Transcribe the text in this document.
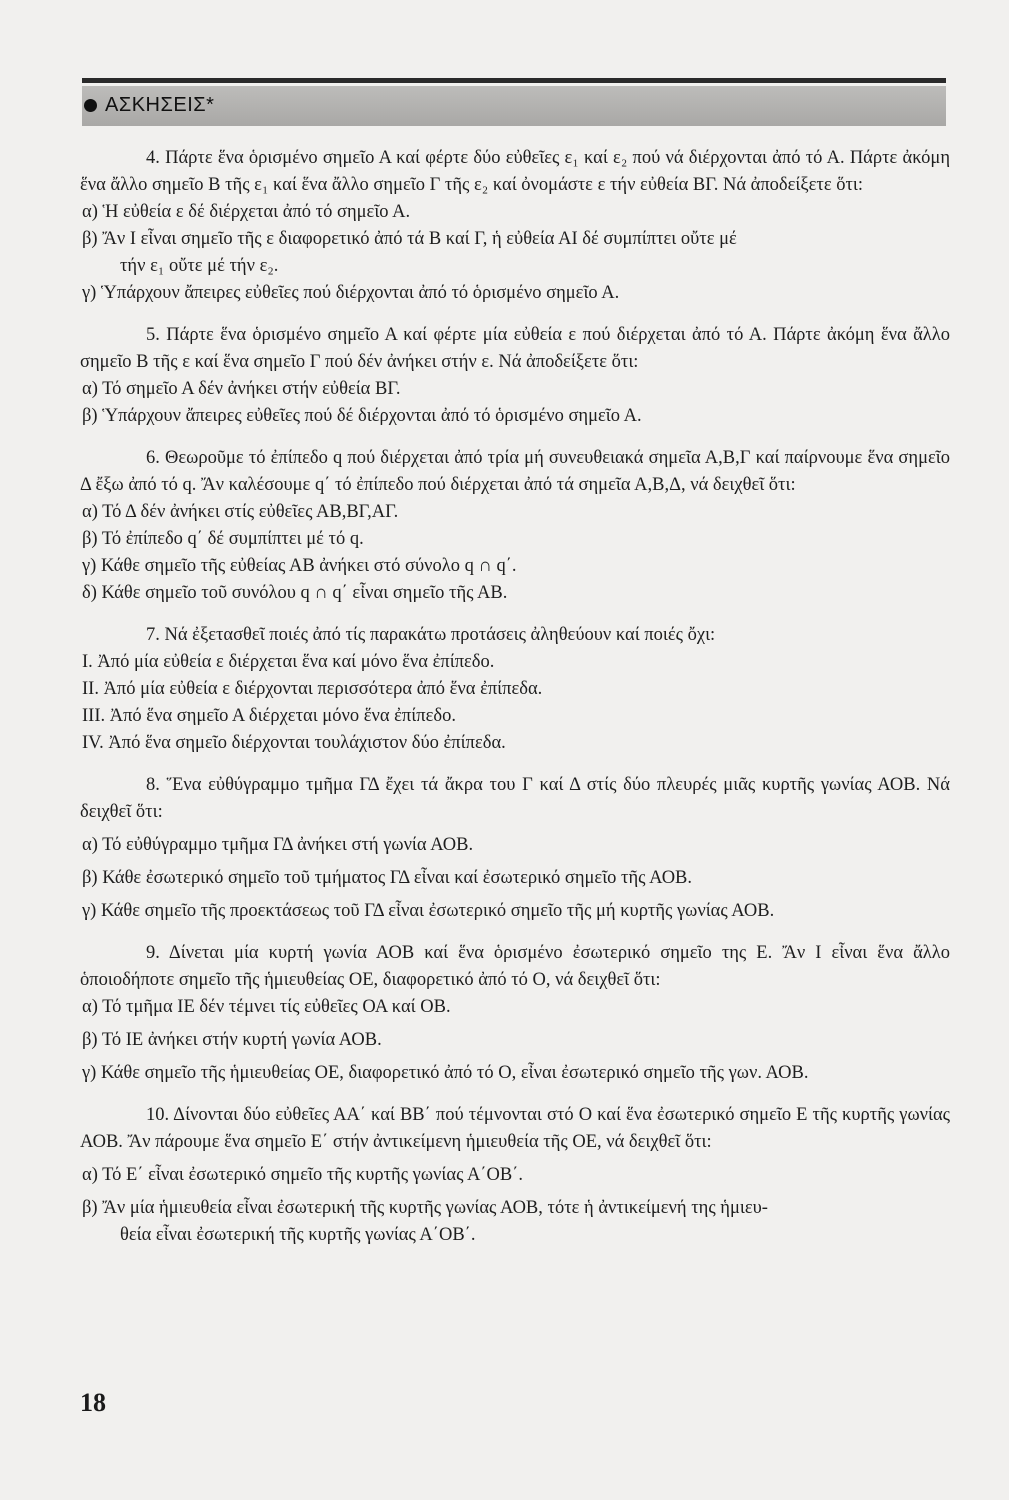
ΑΣΚΗΣΕΙΣ*

4. Πάρτε ἕνα ὁρισμένο σημεῖο Α καί φέρτε δύο εὐθεῖες ε₁ καί ε₂ πού νά διέρχονται ἀπό τό Α. Πάρτε ἀκόμη ἕνα ἄλλο σημεῖο Β τῆς ε₁ καί ἕνα ἄλλο σημεῖο Γ τῆς ε₂ καί ὀνομάστε ε τήν εὐθεία ΒΓ. Νά ἀποδείξετε ὅτι:

α) Ἡ εὐθεία ε δέ διέρχεται ἀπό τό σημεῖο Α.

β) Ἄν Ι εἶναι σημεῖο τῆς ε διαφορετικό ἀπό τά Β καί Γ, ἡ εὐθεία ΑΙ δέ συμπίπτει οὔτε μέ

τήν ε₁ οὔτε μέ τήν ε₂.

γ) Ὑπάρχουν ἄπειρες εὐθεῖες πού διέρχονται ἀπό τό ὁρισμένο σημεῖο Α.

5. Πάρτε ἕνα ὁρισμένο σημεῖο Α καί φέρτε μία εὐθεία ε πού διέρχεται ἀπό τό Α. Πάρτε ἀκόμη ἕνα ἄλλο σημεῖο Β τῆς ε καί ἕνα σημεῖο Γ πού δέν ἀνήκει στήν ε. Νά ἀποδείξετε ὅτι:

α) Τό σημεῖο Α δέν ἀνήκει στήν εὐθεία ΒΓ.

β) Ὑπάρχουν ἄπειρες εὐθεῖες πού δέ διέρχονται ἀπό τό ὁρισμένο σημεῖο Α.

6. Θεωροῦμε τό ἐπίπεδο q πού διέρχεται ἀπό τρία μή συνευθειακά σημεῖα Α,Β,Γ καί παίρνουμε ἕνα σημεῖο Δ ἔξω ἀπό τό q. Ἄν καλέσουμε q΄ τό ἐπίπεδο πού διέρχεται ἀπό τά σημεῖα Α,Β,Δ, νά δειχθεῖ ὅτι:

α) Τό Δ δέν ἀνήκει στίς εὐθεῖες ΑΒ,ΒΓ,ΑΓ.

β) Τό ἐπίπεδο q΄ δέ συμπίπτει μέ τό q.

γ) Κάθε σημεῖο τῆς εὐθείας ΑΒ ἀνήκει στό σύνολο q ∩ q΄.

δ) Κάθε σημεῖο τοῦ συνόλου q ∩ q΄ εἶναι σημεῖο τῆς ΑΒ.

7. Νά ἐξετασθεῖ ποιές ἀπό τίς παρακάτω προτάσεις ἀληθεύουν καί ποιές ὄχι:

Ι. Ἀπό μία εὐθεία ε διέρχεται ἕνα καί μόνο ἕνα ἐπίπεδο.

ΙΙ. Ἀπό μία εὐθεία ε διέρχονται περισσότερα ἀπό ἕνα ἐπίπεδα.

ΙΙΙ. Ἀπό ἕνα σημεῖο Α διέρχεται μόνο ἕνα ἐπίπεδο.

ΙV. Ἀπό ἕνα σημεῖο διέρχονται τουλάχιστον δύο ἐπίπεδα.

8. Ἕνα εὐθύγραμμο τμῆμα ΓΔ ἔχει τά ἄκρα του Γ καί Δ στίς δύο πλευρές μιᾶς κυρτῆς γωνίας ΑΟΒ. Νά δειχθεῖ ὅτι:

α) Τό εὐθύγραμμο τμῆμα ΓΔ ἀνήκει στή γωνία ΑΟΒ.

β) Κάθε ἐσωτερικό σημεῖο τοῦ τμήματος ΓΔ εἶναι καί ἐσωτερικό σημεῖο τῆς ΑΟΒ.

γ) Κάθε σημεῖο τῆς προεκτάσεως τοῦ ΓΔ εἶναι ἐσωτερικό σημεῖο τῆς μή κυρτῆς γωνίας ΑΟΒ.

9. Δίνεται μία κυρτή γωνία ΑΟΒ καί ἕνα ὁρισμένο ἐσωτερικό σημεῖο της Ε. Ἄν Ι εἶναι ἕνα ἄλλο ὁποιοδήποτε σημεῖο τῆς ἡμιευθείας ΟΕ, διαφορετικό ἀπό τό Ο, νά δειχθεῖ ὅτι:

α) Τό τμῆμα ΙΕ δέν τέμνει τίς εὐθεῖες ΟΑ καί ΟΒ.

β) Τό ΙΕ ἀνήκει στήν κυρτή γωνία ΑΟΒ.

γ) Κάθε σημεῖο τῆς ἡμιευθείας ΟΕ, διαφορετικό ἀπό τό Ο, εἶναι ἐσωτερικό σημεῖο τῆς γων. ΑΟΒ.

10. Δίνονται δύο εὐθεῖες ΑΑ΄ καί ΒΒ΄ πού τέμνονται στό Ο καί ἕνα ἐσωτερικό σημεῖο Ε τῆς κυρτῆς γωνίας ΑΟΒ. Ἄν πάρουμε ἕνα σημεῖο Ε΄ στήν ἀντικείμενη ἡμιευθεία τῆς ΟΕ, νά δειχθεῖ ὅτι:

α) Τό Ε΄ εἶναι ἐσωτερικό σημεῖο τῆς κυρτῆς γωνίας Α΄ΟΒ΄.

β) Ἄν μία ἡμιευθεία εἶναι ἐσωτερική τῆς κυρτῆς γωνίας ΑΟΒ, τότε ἡ ἀντικείμενή της ἡμιευ-

θεία εἶναι ἐσωτερική τῆς κυρτῆς γωνίας Α΄ΟΒ΄.

18
